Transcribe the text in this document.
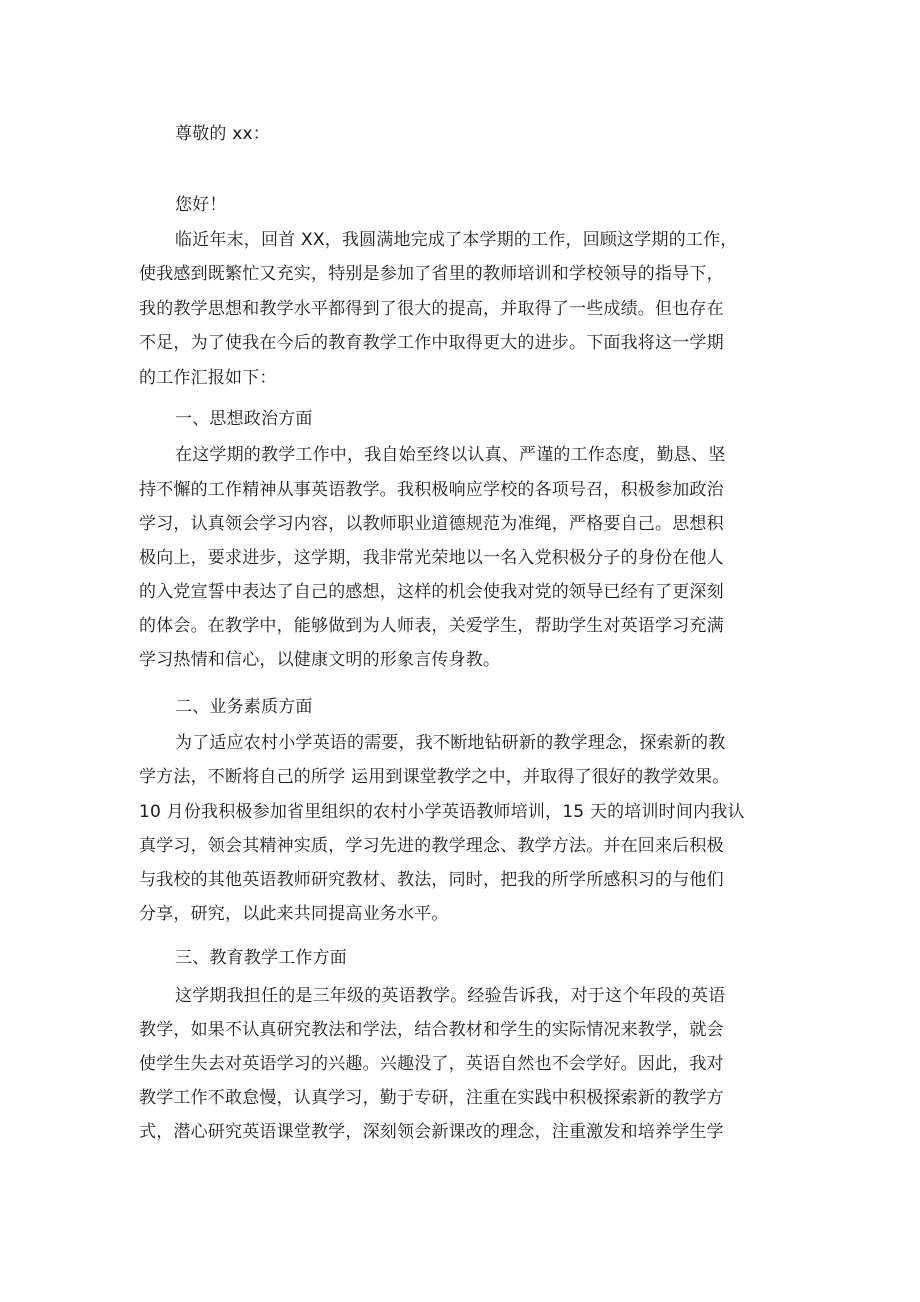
尊敬的 xx：
您好！
临近年末，回首 XX，我圆满地完成了本学期的工作，回顾这学期的工作，
使我感到既繁忙又充实，特别是参加了省里的教师培训和学校领导的指导下，
我的教学思想和教学水平都得到了很大的提高，并取得了一些成绩。但也存在
不足，为了使我在今后的教育教学工作中取得更大的进步。下面我将这一学期
的工作汇报如下：
一、思想政治方面
在这学期的教学工作中，我自始至终以认真、严谨的工作态度，勤恳、坚
持不懈的工作精神从事英语教学。我积极响应学校的各项号召，积极参加政治
学习，认真领会学习内容，以教师职业道德规范为准绳，严格要自己。思想积
极向上，要求进步，这学期，我非常光荣地以一名入党积极分子的身份在他人
的入党宣誓中表达了自己的感想，这样的机会使我对党的领导已经有了更深刻
的体会。在教学中，能够做到为人师表，关爱学生，帮助学生对英语学习充满
学习热情和信心，以健康文明的形象言传身教。
二、业务素质方面
为了适应农村小学英语的需要，我不断地钻研新的教学理念，探索新的教
学方法，不断将自己的所学 运用到课堂教学之中，并取得了很好的教学效果。
10 月份我积极参加省里组织的农村小学英语教师培训，15 天的培训时间内我认
真学习，领会其精神实质，学习先进的教学理念、教学方法。并在回来后积极
与我校的其他英语教师研究教材、教法，同时，把我的所学所感积习的与他们
分享，研究，以此来共同提高业务水平。
三、教育教学工作方面
这学期我担任的是三年级的英语教学。经验告诉我，对于这个年段的英语
教学，如果不认真研究教法和学法，结合教材和学生的实际情况来教学，就会
使学生失去对英语学习的兴趣。兴趣没了，英语自然也不会学好。因此，我对
教学工作不敢怠慢，认真学习，勤于专研，注重在实践中积极探索新的教学方
式，潜心研究英语课堂教学，深刻领会新课改的理念，注重激发和培养学生学
